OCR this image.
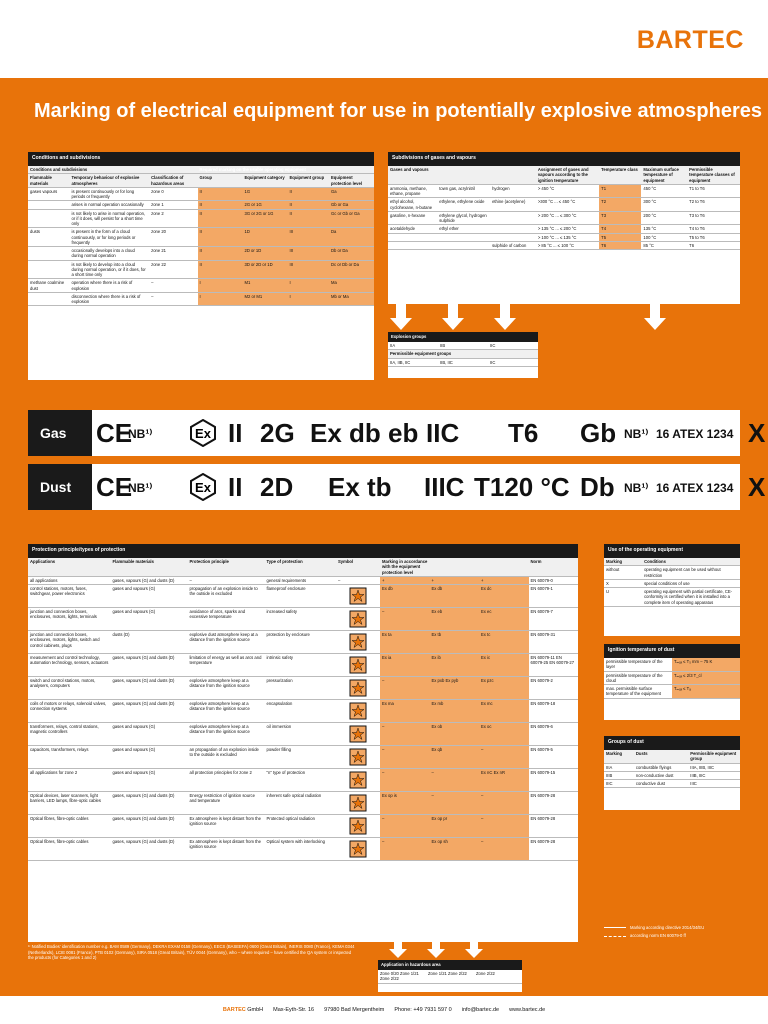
BARTEC
Marking of electrical equipment for use in potentially explosive atmospheres
Conditions and subdivisions
Conditions and subdivisions			Required marking on the usable operating equipment			
Flammable materials	Temporary behaviour of explosive atmospheres	Classification of hazardous areas	Group	Equipment category	Equipment group	Equipment protection level
gases vapours	is present continuously or for long periods or frequently	zone 0	II	1G	II	Ga
	arises in normal operation occasionally	zone 1	II	2G or 1G	II	Gb or Ga
	is not likely to arise in normal operation, or if it does, will persist for a short time only	zone 2	II	3G or 2G or 1G	II	Gc or Gb or Ga
dusts	is present in the form of a cloud continuously, or for long periods or frequently	zone 20	II	1D	III	Da
	occasionally develops into a cloud during normal operation	zone 21	II	2D or 1D	III	Db or Da
	is not likely to develop into a cloud during normal operation, or if it does, for a short time only	zone 22	II	3D or 2D or 1D	III	Dc or Db or Da
methane coalmine dust	operation where there is a risk of explosion	–	I	M1	I	Ma
	disconnection where there is a risk of explosion	–	I	M2 or M1	I	Mb or Ma
Subdivisions of gases and vapours
Gases and vapours			Assignment of gases and vapours according to the ignition temperature	Temperature class	Maximum surface temperature of equipment	Permissible temperature classes of equipment
ammonia, methane, ethane, propane	town gas, acrylnitril	hydrogen	> 450 °C	T1	450 °C	T1 to T6
ethyl alcohol, cyclohexane, n-butane	ethylene, ethylene oxide	ethine (acetylene)	>300 °C ... ≤ 450 °C	T2	300 °C	T2 to T6
gasoline, n-hexane	ethylene glycol, hydrogen sulphide		> 200 °C ... ≤ 300 °C	T3	200 °C	T3 to T6
acetaldehyde	ethyl ether		> 135 °C ... ≤ 200 °C	T4	135 °C	T4 to T6
			> 100 °C ... ≤ 135 °C	T5	100 °C	T5 to T6
		sulphide of carbon	> 85 °C ... ≤ 100 °C	T6	85 °C	T6
Explosion groups
IIA	IIB	IIC
Permissible equipment groups		
IIA, IIB, IIC	IIB, IIC	IIC
Gas	CE
NB¹⁾	Ex II 2G Ex db eb IIC T6 Gb NB¹⁾ 16 ATEX 1234 X
Dust CE
NB¹⁾	Ex II 2D Ex tb IIIC T120 °C Db NB¹⁾ 16 ATEX 1234 X
Protection principle/types of protection
Applications	Flammable materials	Protection principle	Type of protection	Symbol	Marking in accordance with the equipment protection level			Norm
all applications	gases, vapours (G) and dusts (D)	–	general requirements	–	+	+	+	EN 60079-0
control stations, motors, fuses, switchgear, power electronics	gases and vapours (G)	propagation of an explosion inside to the outside is excluded	flameproof enclosure		Ex db	Ex db	Ex dc	EN 60079-1
junction and connection boxes, enclosures, motors, lights, terminals	gases and vapours (G)	avoidance of arcs, sparks and excessive temperature	increased safety		–	Ex eb	Ex ec	EN 60079-7
junction and connection boxes, enclosures, motors, lights, switch and control cabinets, plugs	dusts (D)	explosive dust atmosphere keep at a distance from the ignition source	protection by enclosure		Ex ta	Ex tb	Ex tc	EN 60079-31
measurement and control technology, automation technology, sensors, actuators	gases, vapours (G) and dusts (D)	limitation of energy as well as arcs and temperature	intrinsic safety		Ex ia	Ex ib	Ex ic	EN 60079-11 EN 60079-25 EN 60079-27
switch and control stations, motors, analysers, computers	gases, vapours (G) and dusts (D)	explosive atmosphere keep at a distance from the ignition source	pressurization		–	Ex pxb Ex pyb	Ex pzc	EN 60079-2
coils of motors or relays, solenoid valves, connection systems	gases, vapours (G) and dusts (D)	explosive atmosphere keep at a distance from the ignition source	encapsulation		Ex ma	Ex mb	Ex mc	EN 60079-18
transformers, relays, control stations, magnetic controllers	gases and vapours (G)	explosive atmosphere keep at a distance from the ignition source	oil immersion		–	Ex ob	Ex oc	EN 60079-6
capacitors, transformers, relays	gases and vapours (G)	an propagation of an explosion inside to the outside is excluded	powder filling		–	Ex qb	–	EN 60079-5
all applications for zone 2	gases and vapours (G)	all protection principles for zone 2	"n" type of protection		–	–	Ex nC Ex nR	EN 60079-15
Optical devices, laser scanners, light barriers, LED lamps, fibre-optic cables	gases, vapours (G) and dusts (D)	Energy restriction of ignition source and temperature	inherent safe optical radiation		Ex op is	–	–	EN 60079-28
Optical fibres, fibre-optic cables	gases, vapours (G) and dusts (D)	Ex atmosphere is kept distant from the ignition source	Protected optical radiation		–	Ex op pr	–	EN 60079-28
Optical fibres, fibre-optic cables	gases, vapours (G) and dusts (D)	Ex atmosphere is kept distant from the ignition source	Optical system with interlocking		–	Ex op sh	–	EN 60079-28
Use of the operating equipment
Marking	Conditions
without	operating equipment can be used without restriction
X	special conditions of use
U	operating equipment with partial certificate, CE-conformity is certified when it is installed into a complete item of operating apparatus
Ignition temperature of dust
permissible temperature of the layer	Tₘₐₓ ≤ T₅ mm – 75 K
permissible temperature of the cloud	Tₘₐₓ ≤ 2/3 T_cl
max. permissible surface temperature of the equipment	Tₘₐₓ ≤ Tₐ
Groups of dust
Marking	Dusts	Permissible equipment group
IIIA	combustible flyings	IIIA, IIIB, IIIC
IIIB	non-conductive dust	IIIB, IIIC
IIIC	conductive dust	IIIC
Application in hazardous area
Zone 0/20 Zone 1/21 Zone 2/22	Zone 1/21 Zone 2/22	Zone 2/22
¹⁾ Notified Bodies' identification number e.g. BAM 0589 (Germany), DEKRA EXAM 0158 (Germany), EECS (BASEEFA) 0600 (Great Britain), INERIS 0080 (France), KEMA 0344 (Netherlands), LCIE 0081 (France), PTB 0102 (Germany), SIRA 0518 (Great Britain), TÜV 0044 (Germany), who – where required – have certified the QA system or inspected the products (for Categories 1 and 2)
Marking according directive 2014/34/EU
according norm EN 60079-0 ff
BARTEC GmbH Max-Eyth-Str. 16 97980 Bad Mergentheim Phone: +49 7931 597 0 info@bartec.de www.bartec.de
